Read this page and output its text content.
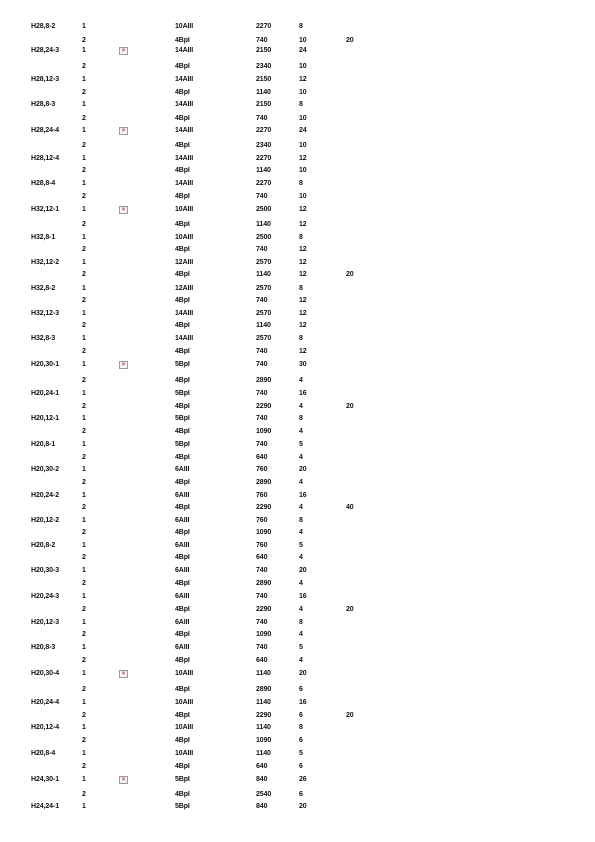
Н28,8-2	1	10AIII	2270	8
2	4BpI	740	10	20
Н28,24-3	1	14AIII	2150	24
×
2	4BpI	2340	10
Н28,12-3	1	14AIII	2150	12
2	4BpI	1140	10
Н28,8-3	1	14AIII	2150	8
2	4BpI	740	10
Н28,24-4	1	14AIII	2270	24
×
2	4BpI	2340	10
Н28,12-4	1	14AIII	2270	12
2	4BpI	1140	10
Н28,8-4	1	14AIII	2270	8
2	4BpI	740	10
Н32,12-1	1	10AIII	2500	12
×
2	4BpI	1140	12
Н32,8-1	1	10AIII	2500	8
2	4BpI	740	12
Н32,12-2	1	12AIII	2570	12
2	4BpI	1140	12	20
Н32,8-2	1	12AIII	2570	8
2	4BpI	740	12
Н32,12-3	1	14AIII	2570	12
2	4BpI	1140	12
Н32,8-3	1	14AIII	2570	8
2	4BpI	740	12
Н20,30-1	1	5BpI	740	30
×
2	4BpI	2890	4
Н20,24-1	1	5BpI	740	16
2	4BpI	2290	4	20
Н20,12-1	1	5BpI	740	8
2	4BpI	1090	4
Н20,8-1	1	5BpI	740	5
2	4BpI	640	4
Н20,30-2	1	6AIII	760	20
2	4BpI	2890	4
Н20,24-2	1	6AIII	760	16
2	4BpI	2290	4	40
Н20,12-2	1	6AIII	760	8
2	4BpI	1090	4
Н20,8-2	1	6AIII	760	5
2	4BpI	640	4
Н20,30-3	1	6AIII	740	20
2	4BpI	2890	4
Н20,24-3	1	6AIII	740	16
2	4BpI	2290	4	20
Н20,12-3	1	6AIII	740	8
2	4BpI	1090	4
Н20,8-3	1	6AIII	740	5
2	4BpI	640	4
Н20,30-4	1	10AIII	1140	20
×
2	4BpI	2890	6
Н20,24-4	1	10AIII	1140	16
2	4BpI	2290	6	20
Н20,12-4	1	10AIII	1140	8
2	4BpI	1090	6
Н20,8-4	1	10AIII	1140	5
2	4BpI	640	6
Н24,30-1	1	5BpI	840	26
×
2	4BpI	2540	6
Н24,24-1	1	5BpI	840	20
